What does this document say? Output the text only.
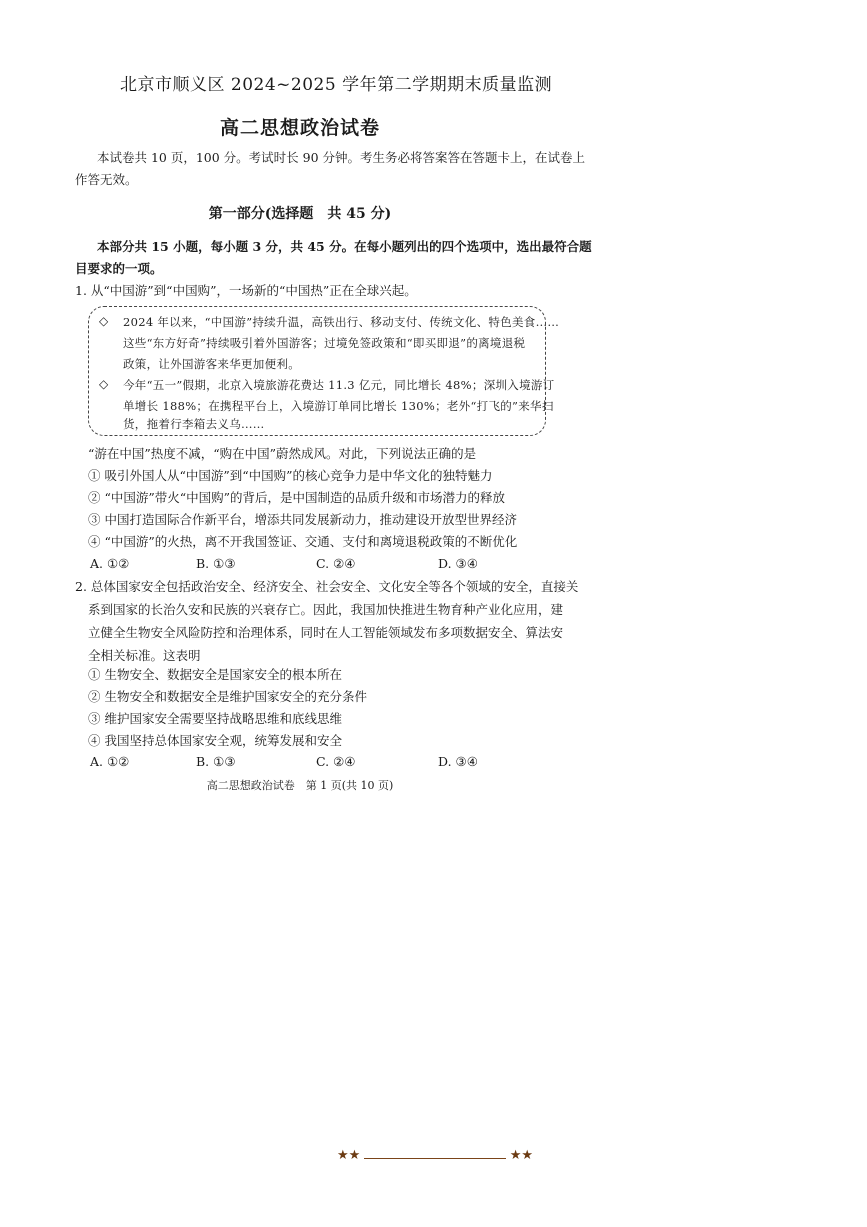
北京市顺义区 2024~2025 学年第二学期期末质量监测
高二思想政治试卷
本试卷共 10 页，100 分。考试时长 90 分钟。考生务必将答案答在答题卡上，在试卷上
作答无效。
第一部分(选择题　共 45 分)
本部分共 15 小题，每小题 3 分，共 45 分。在每小题列出的四个选项中，选出最符合题
目要求的一项。
1. 从“中国游”到“中国购”，一场新的“中国热”正在全球兴起。
◇ 2024 年以来，“中国游”持续升温，高铁出行、移动支付、传统文化、特色美食……
这些“东方好奇”持续吸引着外国游客；过境免签政策和“即买即退”的离境退税
政策，让外国游客来华更加便利。
◇ 今年“五一”假期，北京入境旅游花费达 11.3 亿元，同比增长 48%；深圳入境游订
单增长 188%；在携程平台上，入境游订单同比增长 130%；老外“打飞的”来华扫
货，拖着行李箱去义乌……
“游在中国”热度不减，“购在中国”蔚然成风。对此，下列说法正确的是
① 吸引外国人从“中国游”到“中国购”的核心竞争力是中华文化的独特魅力
② “中国游”带火“中国购”的背后，是中国制造的品质升级和市场潜力的释放
③ 中国打造国际合作新平台，增添共同发展新动力，推动建设开放型世界经济
④ “中国游”的火热，离不开我国签证、交通、支付和离境退税政策的不断优化
A. ①②	B. ①③	C. ②④	D. ③④
2. 总体国家安全包括政治安全、经济安全、社会安全、文化安全等各个领域的安全，直接关
系到国家的长治久安和民族的兴衰存亡。因此，我国加快推进生物育种产业化应用，建
立健全生物安全风险防控和治理体系，同时在人工智能领域发布多项数据安全、算法安
全相关标准。这表明
① 生物安全、数据安全是国家安全的根本所在
② 生物安全和数据安全是维护国家安全的充分条件
③ 维护国家安全需要坚持战略思维和底线思维
④ 我国坚持总体国家安全观，统筹发展和安全
A. ①②	B. ①③	C. ②④	D. ③④
高二思想政治试卷　第 1 页(共 10 页)
★★	★★
